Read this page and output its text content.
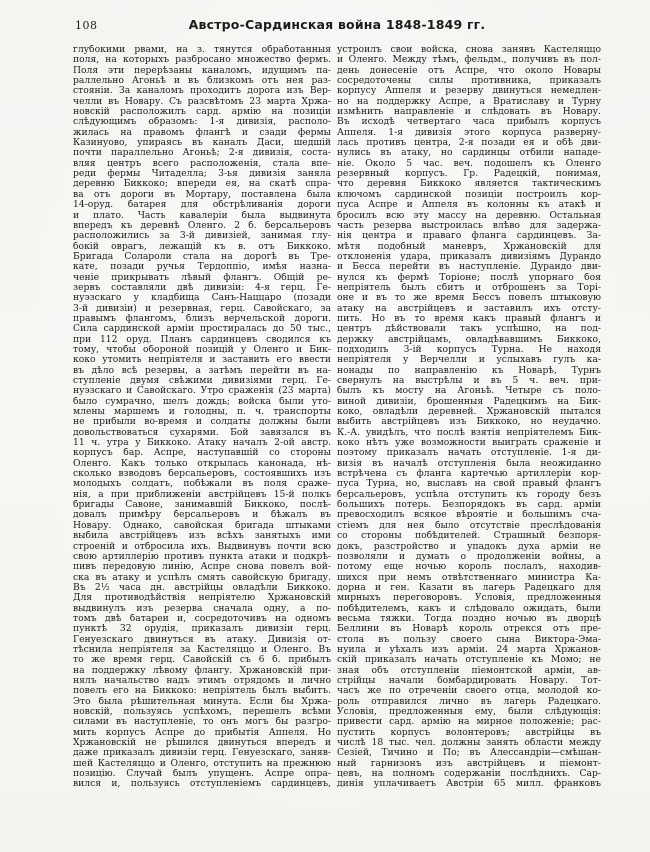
108	Австро-Сардинская война 1848-1849 гг.
глубокими рвами, на з. тянутся обработанныя
поля, на которыхъ разбросано множество фермъ.
Поля эти перерѣзаны каналомъ, идущимъ па-
раллельно Агоньѣ и въ близкомъ отъ нея раз-
стояніи. За каналомъ проходитъ дорога изъ Вер-
челли въ Новару. Съ разсвѣтомъ 23 марта Хржа-
новскій расположилъ сард. армію на позиціи
слѣдующимъ образомъ: 1-я дивизія, располо-
жилась на правомъ флангѣ и сзади фермы
Казинуово, упираясь въ каналъ Даси, шедшій
почти параллельно Агоньѣ; 2-я дивизія, соста-
вляя центръ всего расположенія, стала впе-
реди фермы Читаделла; 3-ья дивизія заняла
деревню Биккоко; впереди ея, на скатѣ спра-
ва отъ дороги въ Мортару, поставлена была
14-оруд. батарея для обстрѣливанія дороги
и плато. Часть кавалеріи была выдвинута
впередъ къ деревнѣ Оленго. 2 б. берсальеровъ
расположились за 3-й дивизіей, занимая глу-
бокій оврагъ, лежащій къ в. отъ Биккоко.
Бригада Солароли стала на дорогѣ въ Тре-
кате, позади ручья Тердоппіо, имѣя назна-
ченіе прикрывать лѣвый флангъ. Общій ре-
зервъ составляли двѣ дивизіи: 4-я герц. Ге-
нуэзскаго у кладбища Санъ-Наццаро (позади
3-й дивизіи) и резервная, герц. Савойскаго, за
правымъ флангомъ, близъ верчельской дороги.
Сила сардинской арміи простиралась до 50 тыс.,
при 112 оруд. Планъ сардинцевъ сводился къ
тому, чтобы обороной позицій у Оленго и Бик-
коко утомить непріятеля и заставить его ввести
въ дѣло всѣ резервы, а затѣмъ перейти въ на-
ступленіе двумя свѣжими дивизіями герц. Ге-
нуэзскаго и Савойскаго. Утро сраженія (23 марта)
было сумрачно, шелъ дождь; войска были уто-
млены маршемъ и голодны, п. ч. транспорты
не прибыли во-время и солдаты должны были
довольствоваться сухарями. Бой завязался въ
11 ч. утра у Биккоко. Атаку началъ 2-ой австр.
корпусъ бар. Аспре, наступавшій со стороны
Оленго. Какъ только открылась канонада, нѣ-
сколько взводовъ берсальеровъ, состоявшихъ изъ
молодыхъ солдатъ, побѣжали въ поля сраже-
нія, а при приближеніи австрійцевъ 15-й полкъ
бригады Савоне, занимавшій Биккоко, послѣ-
довалъ примѣру берсальеровъ и бѣжалъ въ
Новару. Однако, савойская бригада штыками
выбила австрійцевъ изъ всѣхъ занятыхъ ими
строеній и отбросила ихъ. Выдвинувъ почти всю
свою артиллерію противъ пункта атаки и подкрѣ-
пивъ передовую линію, Аспре снова повелъ вой-
ска въ атаку и успѣлъ смять савойскую бригаду.
Въ 2½ часа дн. австрійцы овладѣли Биккоко.
Для противодѣйствія непріятелю Хржановскій
выдвинулъ изъ резерва сначала одну, а по-
томъ двѣ батареи и, сосредоточивъ на одномъ
пунктѣ 32 орудія, приказалъ дивизіи герц.
Генуезскаго двинуться въ атаку. Дивизія от-
тѣснила непріятеля за Кастеляццо и Оленго. Въ
то же время герц. Савойскій съ 6 б. прибылъ
на поддержку лѣвому флангу. Хржановскій при-
нялъ начальство надъ этимъ отрядомъ и лично
повелъ его на Биккоко: непріятель былъ выбитъ.
Это была рѣшительная минута. Если бы Хржа-
новскій, пользуясь успѣхомъ, перешелъ всѣми
силами въ наступленіе, то онъ могъ бы разгро-
мить корпусъ Аспре до прибытія Аппеля. Но
Хржановскій не рѣшился двинуться впередъ и
даже приказалъ дивизіи герц. Генуезскаго, заняв-
шей Кастеляццо и Оленго, отступить на прежнюю
позицію. Случай былъ упущенъ. Аспре опра-
вился и, пользуясь отступленіемъ сардинцевъ,
устроилъ свои войска, снова занявъ Кастеляццо
и Оленго. Между тѣмъ, фельдм., получивъ въ пол-
день донесеніе отъ Аспре, что около Новары
сосредоточены силы противника, приказалъ
корпусу Аппеля и резерву двинуться немедлен-
но на поддержку Аспре, а Вратиславу и Турну
измѣнить направленіе и слѣдовать въ Новару.
Въ исходѣ четвертаго часа прибылъ корпусъ
Аппеля. 1-я дивизія этого корпуса разверну-
лась противъ центра, 2-я позади ея и обѣ дви-
нулись въ атаку, но сардинцы отбили нападе-
ніе. Около 5 час. веч. подошелъ къ Оленго
резервный корпусъ. Гр. Радецкій, понимая,
что деревня Биккоко является тактическимъ
ключомъ сардинской позиціи построилъ кор-
пуса Аспре и Аппеля въ колонны къ атакѣ и
бросилъ всю эту массу на деревню. Остальная
часть резерва выстроилась влѣво для задержа-
нія центра и праваго фланга сардинцевъ. За-
мѣтя подобный маневръ, Хржановскій для
отклоненія удара, приказалъ дивизіямъ Дурандо
и Бесса перейти въ наступленіе. Дурандо дви-
нулся къ фермѣ Торіоне; послѣ упорнаго боя
непріятель былъ сбитъ и отброшенъ за Торі-
оне и въ то же время Бессъ повелъ штыковую
атаку на австрійцевъ и заставилъ ихъ отсту-
пить. Но въ то время какъ правый флангъ и
центръ дѣйствовали такъ успѣшно, на под-
держку австрійцамъ, овладѣвавшимъ Биккоко,
подходилъ 3-ій корпусъ Турна. Не находя
непріятеля у Верчелли и услыхавъ гулъ ка-
нонады по направленію къ Новарѣ, Турнъ
свернулъ на выстрѣлы и въ 5 ч. веч. при-
былъ къ мосту на Агоньѣ. Четыре съ поло-
виной дивизіи, брошенныя Радецкимъ на Бик-
коко, овладѣли деревней. Хржановскій пытался
выбить австрійцевъ изъ Биккоко, но неудачно.
К.-А. увидѣлъ, что послѣ взятія непріятелемъ Бик-
коко нѣтъ уже возможности выиграть сраженіе и
поэтому приказалъ начать отступленіе. 1-я ди-
визія въ началѣ отступленія была неожиданно
встрѣчена съ фланга картечью артиллеріи кор-
пуса Турна, но, выславъ на свой правый флангъ
берсальеровъ, успѣла отступить къ городу безъ
большихъ потерь. Безпорядокъ въ сард. арміи
превосходилъ всякое вѣроятіе и большимъ сча-
стіемъ для нея было отсутствіе преслѣдованія
со стороны побѣдителей. Страшный безпоря-
докъ, разстройство и упадокъ духа арміи не
позволяли и думать о продолженіи войны, а
потому еще ночью король послалъ, находив-
шихся при немъ отвѣтственнаго министра Ка-
дорна и ген. Казати въ лагерь Радецкаго для
мирныхъ переговоровъ. Условія, предложенныя
побѣдителемъ, какъ и слѣдовало ожидать, были
весьма тяжки. Тогда поздно ночью въ дворцѣ
Беллини въ Новарѣ король отрекся отъ пре-
стола въ пользу своего сына Виктора-Эма-
нуила и уѣхалъ изъ арміи. 24 марта Хржанов-
скій приказалъ начать отступленіе къ Момо; не
зная объ отступленіи піемонтской арміи, ав-
стрійцы начали бомбардировать Новару. Тот-
часъ же по отреченіи своего отца, молодой ко-
роль отправился лично въ лагерь Радецкаго.
Условія, предложенныя ему, были слѣдующія:
привести сард. армію на мирное положеніе; рас-
пустить корпусъ волонтеровъ; австрійцы въ
числѣ 18 тыс. чел. должны занять области между
Сезіей, Тичино и По; въ Алессандріи—смѣшан-
ный гарнизонъ изъ австрійцевъ и піемонт-
цевъ, на полномъ содержаніи послѣднихъ. Сар-
динія уплачиваетъ Австріи 65 милл. франковъ
